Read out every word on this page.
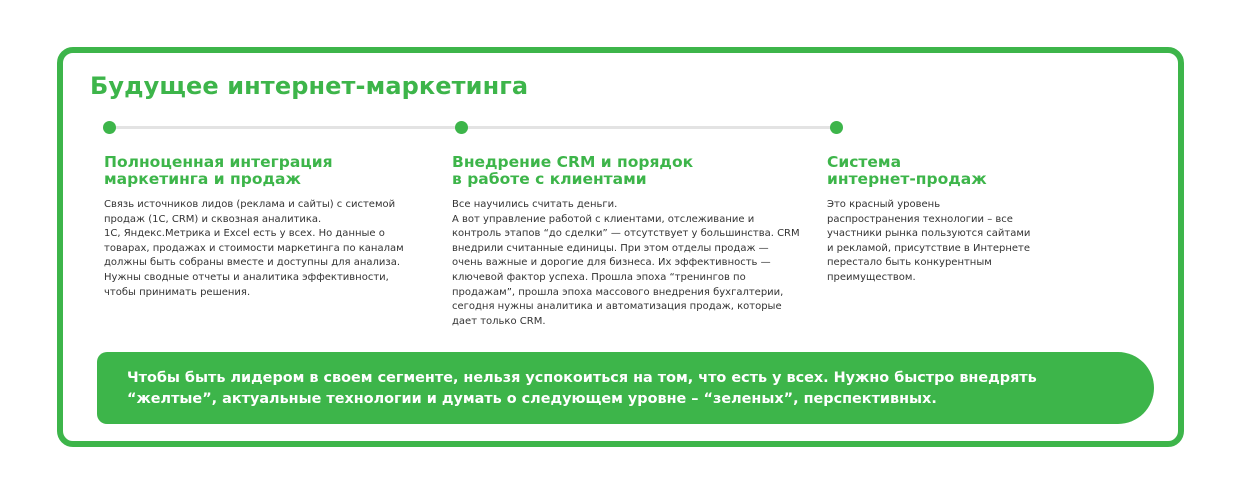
Будущее интернет-маркетинга
Полноценная интеграция
маркетинга и продаж
Связь источников лидов (реклама и сайты) с системой
продаж (1С, CRM) и сквозная аналитика.
1С, Яндекс.Метрика и Excel есть у всех. Но данные о
товарах, продажах и стоимости маркетинга по каналам
должны быть собраны вместе и доступны для анализа.
Нужны сводные отчеты и аналитика эффективности,
чтобы принимать решения.
Внедрение CRM и порядок
в работе с клиентами
Все научились считать деньги.
А вот управление работой с клиентами, отслеживание и
контроль этапов “до сделки” — отсутствует у большинства. CRM
внедрили считанные единицы. При этом отделы продаж —
очень важные и дорогие для бизнеса. Их эффективность —
ключевой фактор успеха. Прошла эпоха “тренингов по
продажам”, прошла эпоха массового внедрения бухгалтерии,
сегодня нужны аналитика и автоматизация продаж, которые
дает только CRM.
Система
интернет-продаж
Это красный уровень
распространения технологии – все
участники рынка пользуются сайтами
и рекламой, присутствие в Интернете
перестало быть конкурентным
преимуществом.
Чтобы быть лидером в своем сегменте, нельзя успокоиться на том, что есть у всех. Нужно быстро внедрять
“желтые”, актуальные технологии и думать о следующем уровне – “зеленых”, перспективных.
